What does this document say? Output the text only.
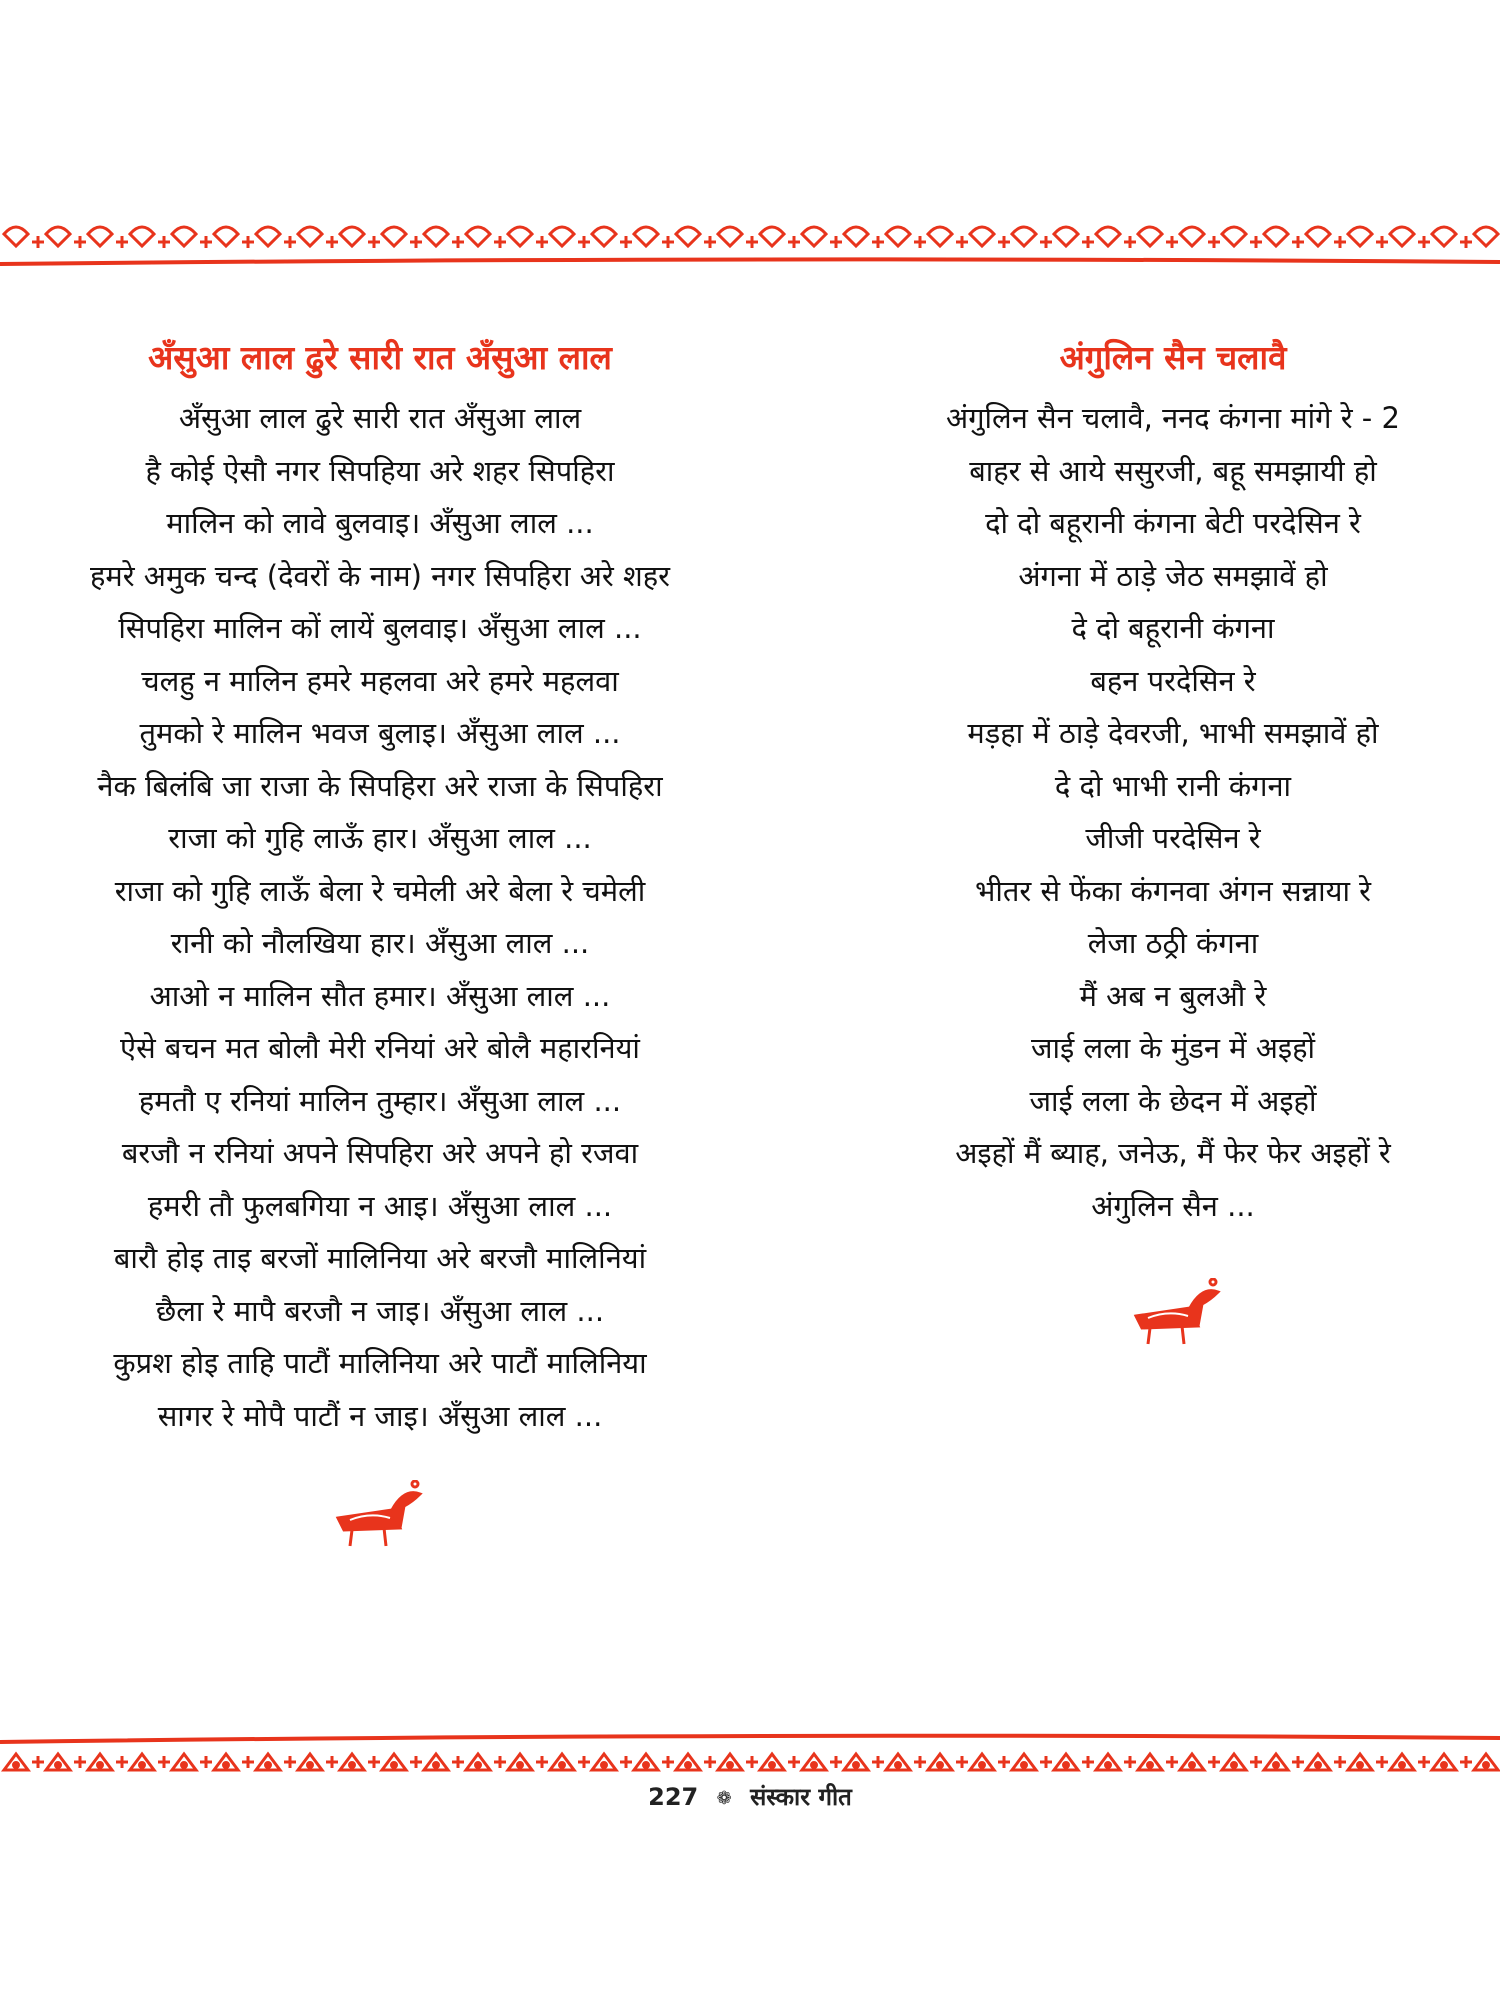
अँसुआ लाल ढुरे सारी रात अँसुआ लाल
अँसुआ लाल ढुरे सारी रात अँसुआ लाल
है कोई ऐसौ नगर सिपहिया अरे शहर सिपहिरा
मालिन को लावे बुलवाइ। अँसुआ लाल ...
हमरे अमुक चन्द (देवरों के नाम) नगर सिपहिरा अरे शहर
सिपहिरा मालिन कों लायें बुलवाइ। अँसुआ लाल ...
चलहु न मालिन हमरे महलवा अरे हमरे महलवा
तुमको रे मालिन भवज बुलाइ। अँसुआ लाल ...
नैक बिलंबि जा राजा के सिपहिरा अरे राजा के सिपहिरा
राजा को गुहि लाऊँ हार। अँसुआ लाल ...
राजा को गुहि लाऊँ बेला रे चमेली अरे बेला रे चमेली
रानी को नौलखिया हार। अँसुआ लाल ...
आओ न मालिन सौत हमार। अँसुआ लाल ...
ऐसे बचन मत बोलौ मेरी रनियां अरे बोलै महारनियां
हमतौ ए रनियां मालिन तुम्हार। अँसुआ लाल ...
बरजौ न रनियां अपने सिपहिरा अरे अपने हो रजवा
हमरी तौ फुलबगिया न आइ। अँसुआ लाल ...
बारौ होइ ताइ बरजों मालिनिया अरे बरजौ मालिनियां
छैला रे मापै बरजौ न जाइ। अँसुआ लाल ...
कुप्रश होइ ताहि पाटौं मालिनिया अरे पाटौं मालिनिया
सागर रे मोपै पाटौं न जाइ। अँसुआ लाल ...
अंगुलिन सैन चलावै
अंगुलिन सैन चलावै, ननद कंगना मांगे रे - 2
बाहर से आये ससुरजी, बहू समझायी हो
दो दो बहूरानी कंगना बेटी परदेसिन रे
अंगना में ठाड़े जेठ समझावें हो
दे दो बहूरानी कंगना
बहन परदेसिन रे
मड़हा में ठाड़े देवरजी, भाभी समझावें हो
दे दो भाभी रानी कंगना
जीजी परदेसिन रे
भीतर से फेंका कंगनवा अंगन सन्नाया रे
लेजा ठठ्री कंगना
मैं अब न बुलऔ रे
जाई लला के मुंडन में अइहों
जाई लला के छेदन में अइहों
अइहों मैं ब्याह, जनेऊ, मैं फेर फेर अइहों रे
अंगुलिन सैन ...
227 ❁ संस्कार गीत
